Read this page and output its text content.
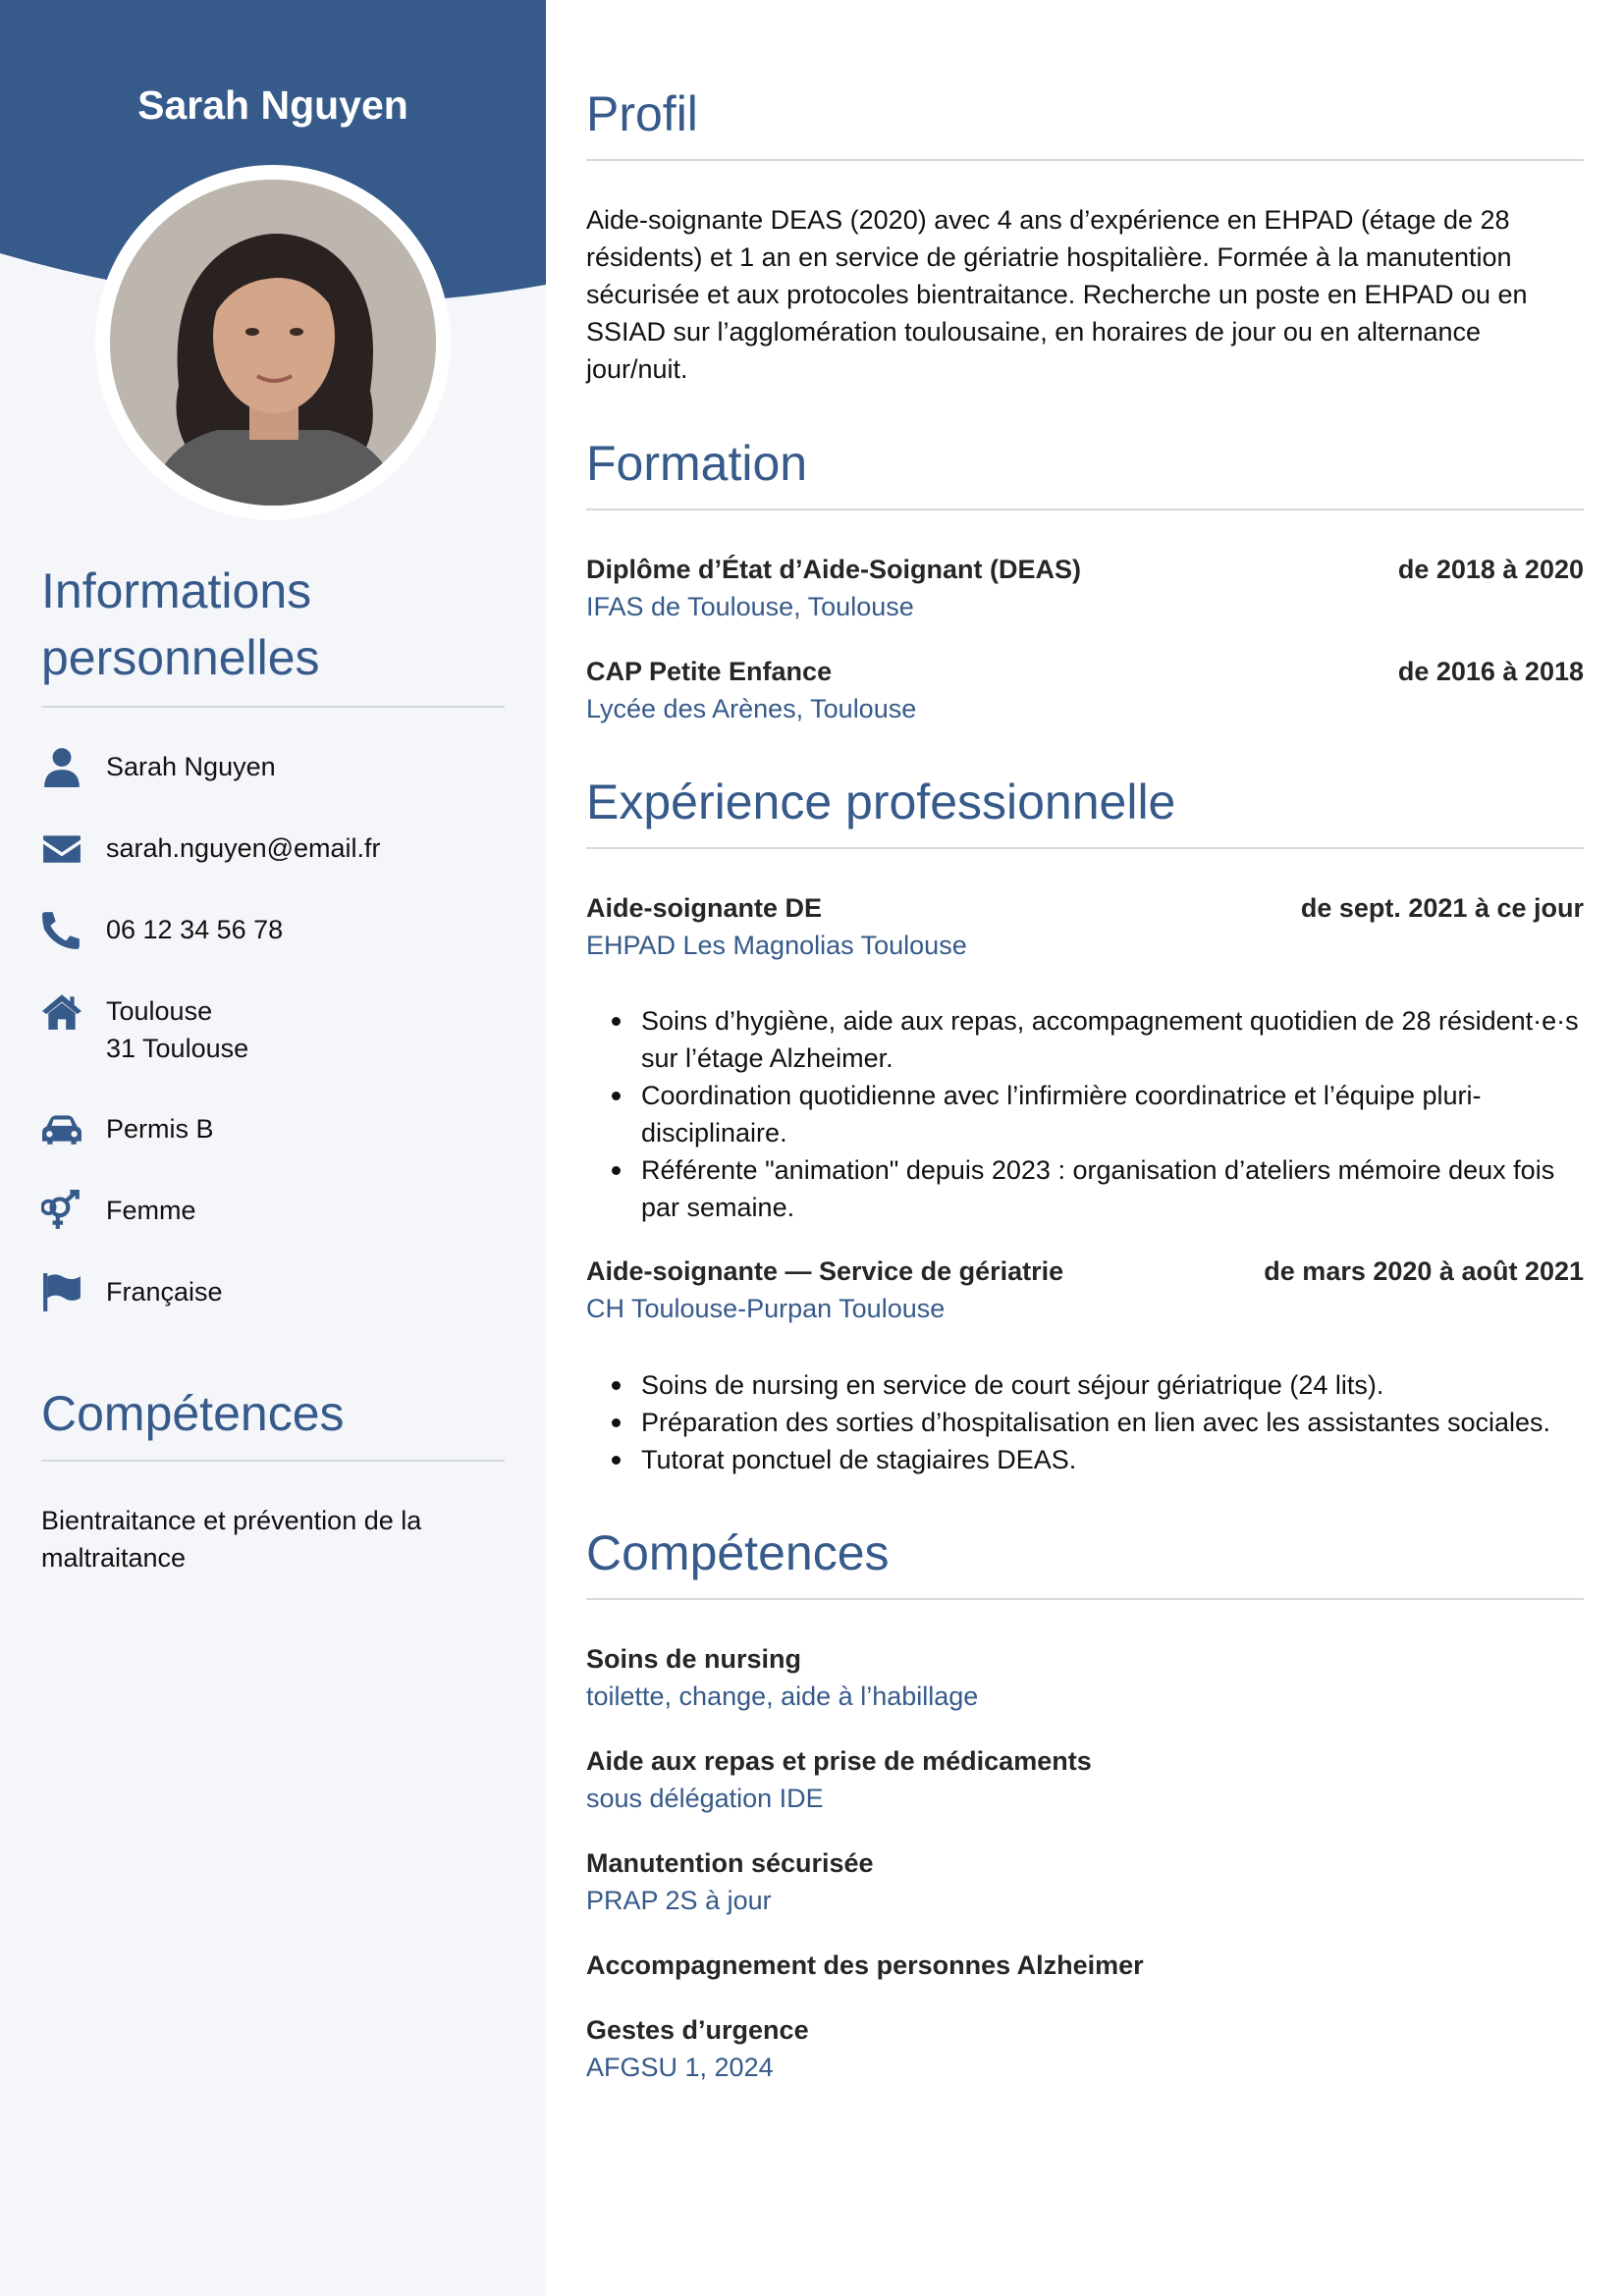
Sarah Nguyen
Informations personnelles
Sarah Nguyen
sarah.nguyen@email.fr
06 12 34 56 78
Toulouse
31 Toulouse
Permis B
Femme
Française
Compétences
Bientraitance et prévention de la maltraitance
Profil
Aide-soignante DEAS (2020) avec 4 ans d’expérience en EHPAD (étage de 28 résidents) et 1 an en service de gériatrie hospitalière. Formée à la manutention sécurisée et aux protocoles bientraitance. Recherche un poste en EHPAD ou en SSIAD sur l’agglomération toulousaine, en horaires de jour ou en alternance jour/nuit.
Formation
Diplôme d’État d’Aide-Soignant (DEAS)	de 2018 à 2020
IFAS de Toulouse, Toulouse
CAP Petite Enfance	de 2016 à 2018
Lycée des Arènes, Toulouse
Expérience professionnelle
Aide-soignante DE	de sept. 2021 à ce jour
EHPAD Les Magnolias Toulouse
Soins d’hygiène, aide aux repas, accompagnement quotidien de 28 résident·e·s sur l’étage Alzheimer.
Coordination quotidienne avec l’infirmière coordinatrice et l’équipe pluri-disciplinaire.
Référente "animation" depuis 2023 : organisation d’ateliers mémoire deux fois par semaine.
Aide-soignante — Service de gériatrie	de mars 2020 à août 2021
CH Toulouse-Purpan Toulouse
Soins de nursing en service de court séjour gériatrique (24 lits).
Préparation des sorties d’hospitalisation en lien avec les assistantes sociales.
Tutorat ponctuel de stagiaires DEAS.
Compétences
Soins de nursing
toilette, change, aide à l’habillage
Aide aux repas et prise de médicaments
sous délégation IDE
Manutention sécurisée
PRAP 2S à jour
Accompagnement des personnes Alzheimer
Gestes d’urgence
AFGSU 1, 2024
